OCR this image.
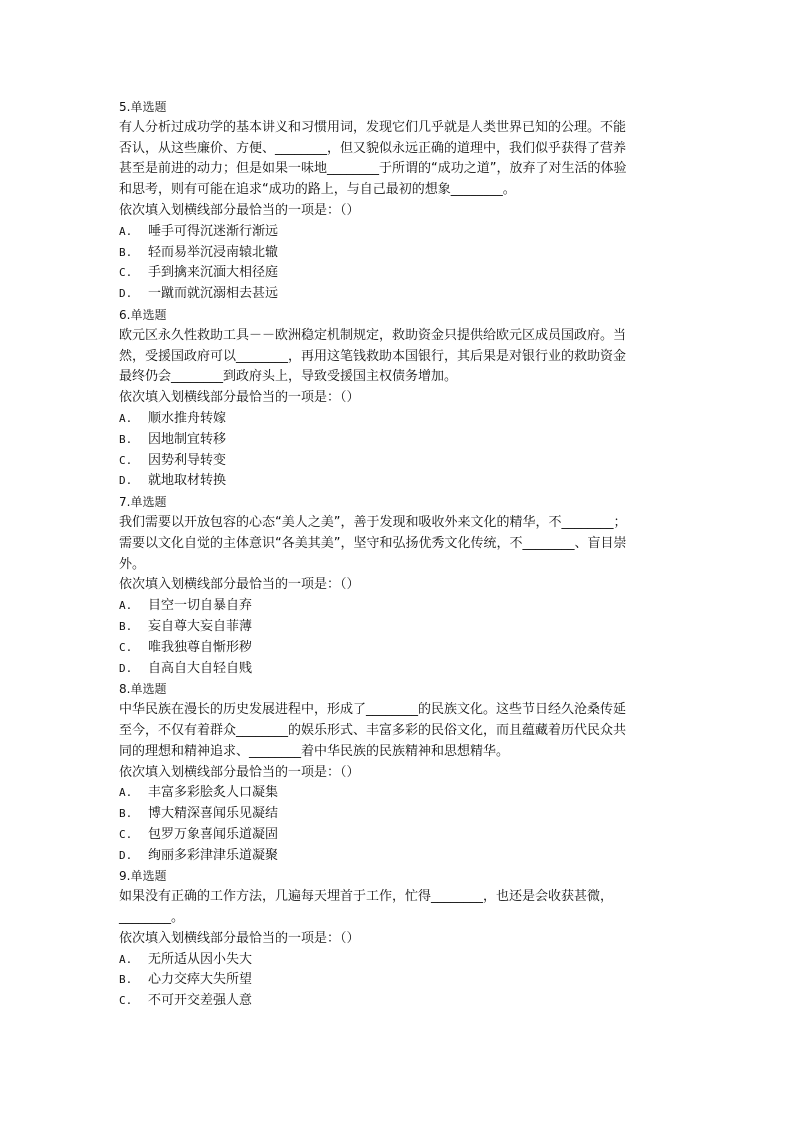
5.单选题
有人分析过成功学的基本讲义和习惯用词，发现它们几乎就是人类世界已知的公理。不能
否认，从这些廉价、方便、________，但又貌似永远正确的道理中，我们似乎获得了营养
甚至是前进的动力；但是如果一味地________于所谓的“成功之道”，放弃了对生活的体验
和思考，则有可能在追求“成功的路上，与自己最初的想象________。
依次填入划横线部分最恰当的一项是：（）
A. 唾手可得沉迷渐行渐远
B. 轻而易举沉浸南辕北辙
C. 手到擒来沉湎大相径庭
D. 一蹴而就沉溺相去甚远
6.单选题
欧元区永久性救助工具－－欧洲稳定机制规定，救助资金只提供给欧元区成员国政府。当
然，受援国政府可以________，再用这笔钱救助本国银行，其后果是对银行业的救助资金
最终仍会________到政府头上，导致受援国主权债务增加。
依次填入划横线部分最恰当的一项是：（）
A. 顺水推舟转嫁
B. 因地制宜转移
C. 因势利导转变
D. 就地取材转换
7.单选题
我们需要以开放包容的心态“美人之美”，善于发现和吸收外来文化的精华，不________；
需要以文化自觉的主体意识“各美其美”，坚守和弘扬优秀文化传统，不________、盲目崇
外。
依次填入划横线部分最恰当的一项是：（）
A. 目空一切自暴自弃
B. 妄自尊大妄自菲薄
C. 唯我独尊自惭形秽
D. 自高自大自轻自贱
8.单选题
中华民族在漫长的历史发展进程中，形成了________的民族文化。这些节日经久沧桑传延
至今，不仅有着群众________的娱乐形式、丰富多彩的民俗文化，而且蕴藏着历代民众共
同的理想和精神追求、________着中华民族的民族精神和思想精华。
依次填入划横线部分最恰当的一项是：（）
A. 丰富多彩脍炙人口凝集
B. 博大精深喜闻乐见凝结
C. 包罗万象喜闻乐道凝固
D. 绚丽多彩津津乐道凝聚
9.单选题
如果没有正确的工作方法，几遍每天埋首于工作，忙得________，也还是会收获甚微，
________。
依次填入划横线部分最恰当的一项是：（）
A. 无所适从因小失大
B. 心力交瘁大失所望
C. 不可开交差强人意
